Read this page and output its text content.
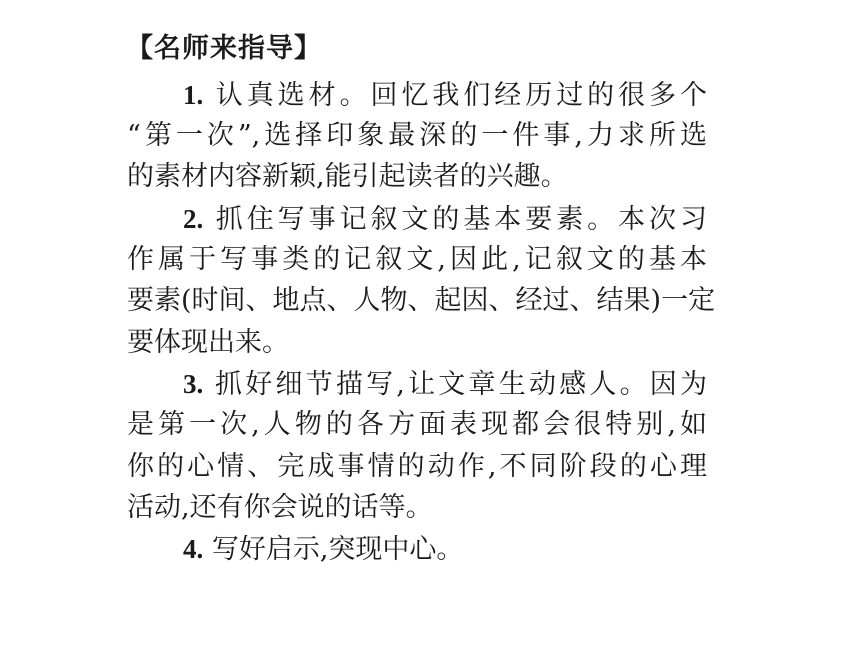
【名师来指导】
1. 认真选材。回忆我们经历过的很多个
“第一次”,选择印象最深的一件事,力求所选
的素材内容新颖,能引起读者的兴趣。
2. 抓住写事记叙文的基本要素。本次习
作属于写事类的记叙文,因此,记叙文的基本
要素(时间、地点、人物、起因、经过、结果)一定
要体现出来。
3. 抓好细节描写,让文章生动感人。因为
是第一次,人物的各方面表现都会很特别,如
你的心情、完成事情的动作,不同阶段的心理
活动,还有你会说的话等。
4. 写好启示,突现中心。
